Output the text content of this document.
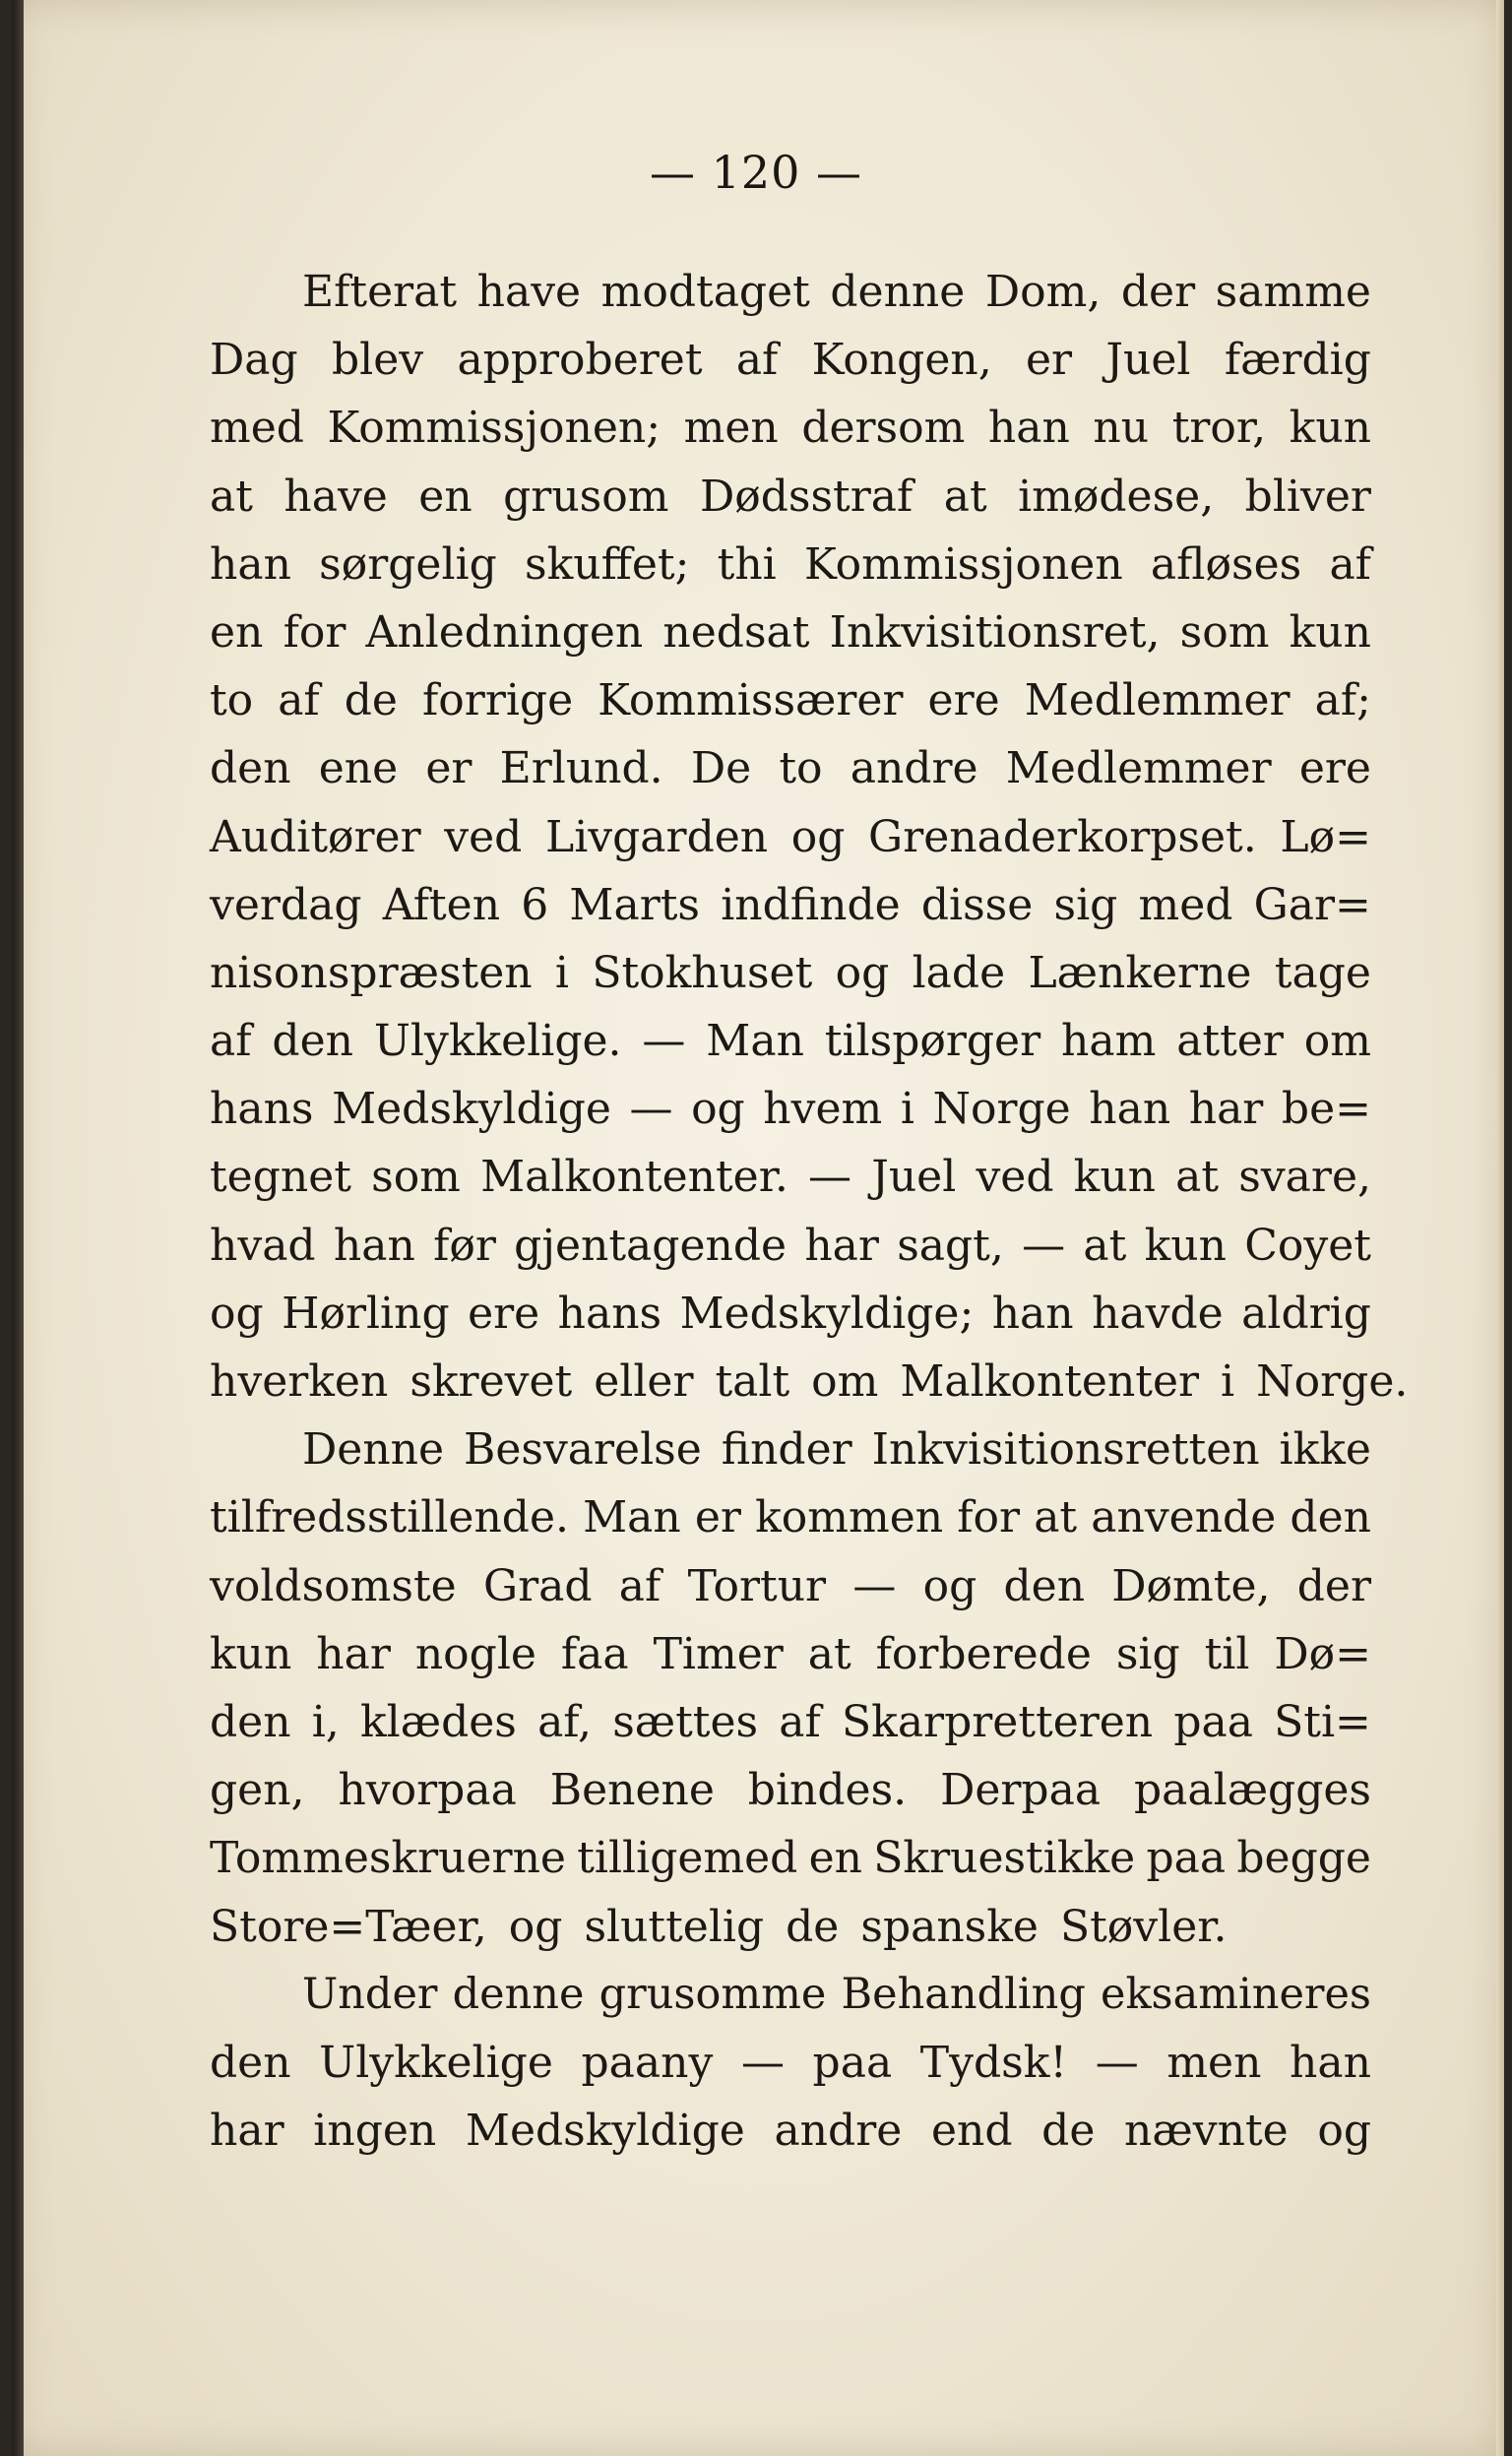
— 120 —
Efterat have modtaget denne Dom, der samme
Dag blev approberet af Kongen, er Juel færdig
med Kommissjonen; men dersom han nu tror, kun
at have en grusom Dødsstraf at imødese, bliver
han sørgelig skuffet; thi Kommissjonen afløses af
en for Anledningen nedsat Inkvisitionsret, som kun
to af de forrige Kommissærer ere Medlemmer af;
den ene er Erlund. De to andre Medlemmer ere
Auditører ved Livgarden og Grenaderkorpset. Lø=
verdag Aften 6 Marts indfinde disse sig med Gar=
nisonspræsten i Stokhuset og lade Lænkerne tage
af den Ulykkelige. — Man tilspørger ham atter om
hans Medskyldige — og hvem i Norge han har be=
tegnet som Malkontenter. — Juel ved kun at svare,
hvad han før gjentagende har sagt, — at kun Coyet
og Hørling ere hans Medskyldige; han havde aldrig
hverken skrevet eller talt om Malkontenter i Norge.
Denne Besvarelse finder Inkvisitionsretten ikke
tilfredsstillende. Man er kommen for at anvende den
voldsomste Grad af Tortur — og den Dømte, der
kun har nogle faa Timer at forberede sig til Dø=
den i, klædes af, sættes af Skarpretteren paa Sti=
gen, hvorpaa Benene bindes. Derpaa paalægges
Tommeskruerne tilligemed en Skruestikke paa begge
Store=Tæer, og sluttelig de spanske Støvler.
Under denne grusomme Behandling eksamineres
den Ulykkelige paany — paa Tydsk! — men han
har ingen Medskyldige andre end de nævnte og
